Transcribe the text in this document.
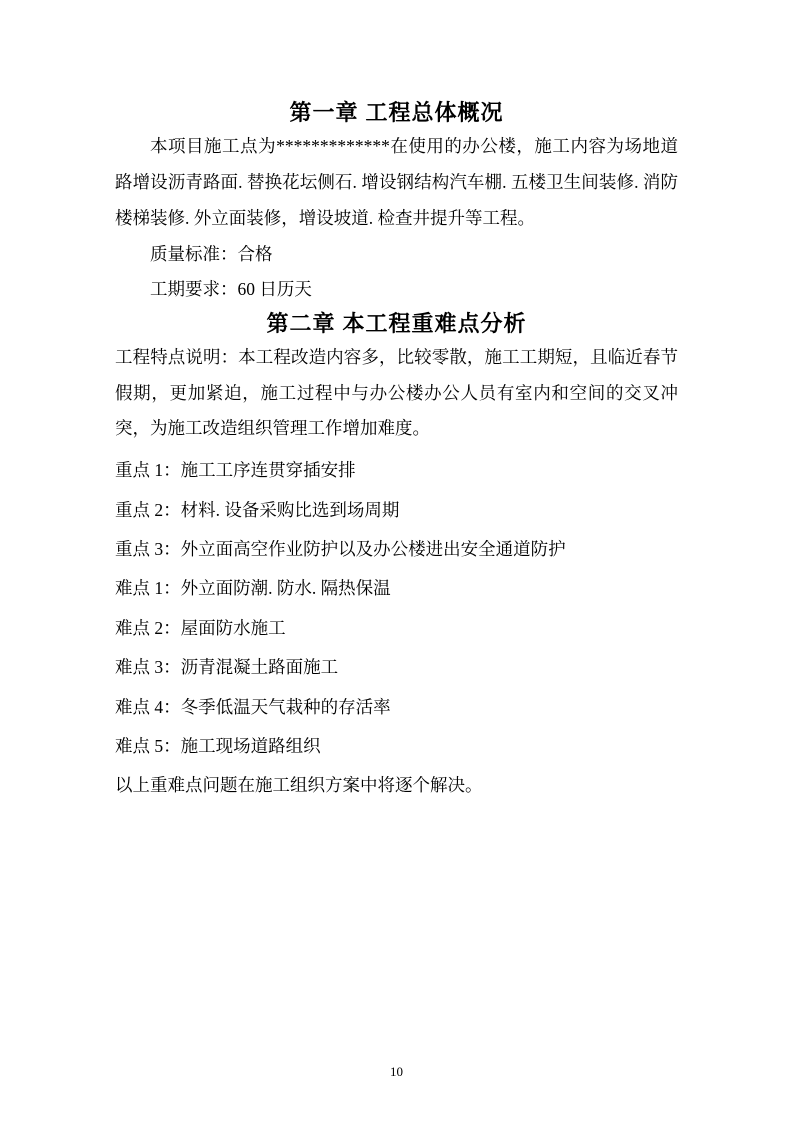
第一章 工程总体概况

本项目施工点为*************在使用的办公楼，施工内容为场地道路增设沥青路面. 替换花坛侧石. 增设钢结构汽车棚. 五楼卫生间装修. 消防楼梯装修. 外立面装修，增设坡道. 检查井提升等工程。

质量标准：合格

工期要求：60 日历天

第二章 本工程重难点分析

工程特点说明：本工程改造内容多，比较零散，施工工期短，且临近春节假期，更加紧迫，施工过程中与办公楼办公人员有室内和空间的交叉冲突，为施工改造组织管理工作增加难度。

重点 1：施工工序连贯穿插安排

重点 2：材料. 设备采购比选到场周期

重点 3：外立面高空作业防护以及办公楼进出安全通道防护

难点 1：外立面防潮. 防水. 隔热保温

难点 2：屋面防水施工

难点 3：沥青混凝土路面施工

难点 4：冬季低温天气栽种的存活率

难点 5：施工现场道路组织

以上重难点问题在施工组织方案中将逐个解决。

10
